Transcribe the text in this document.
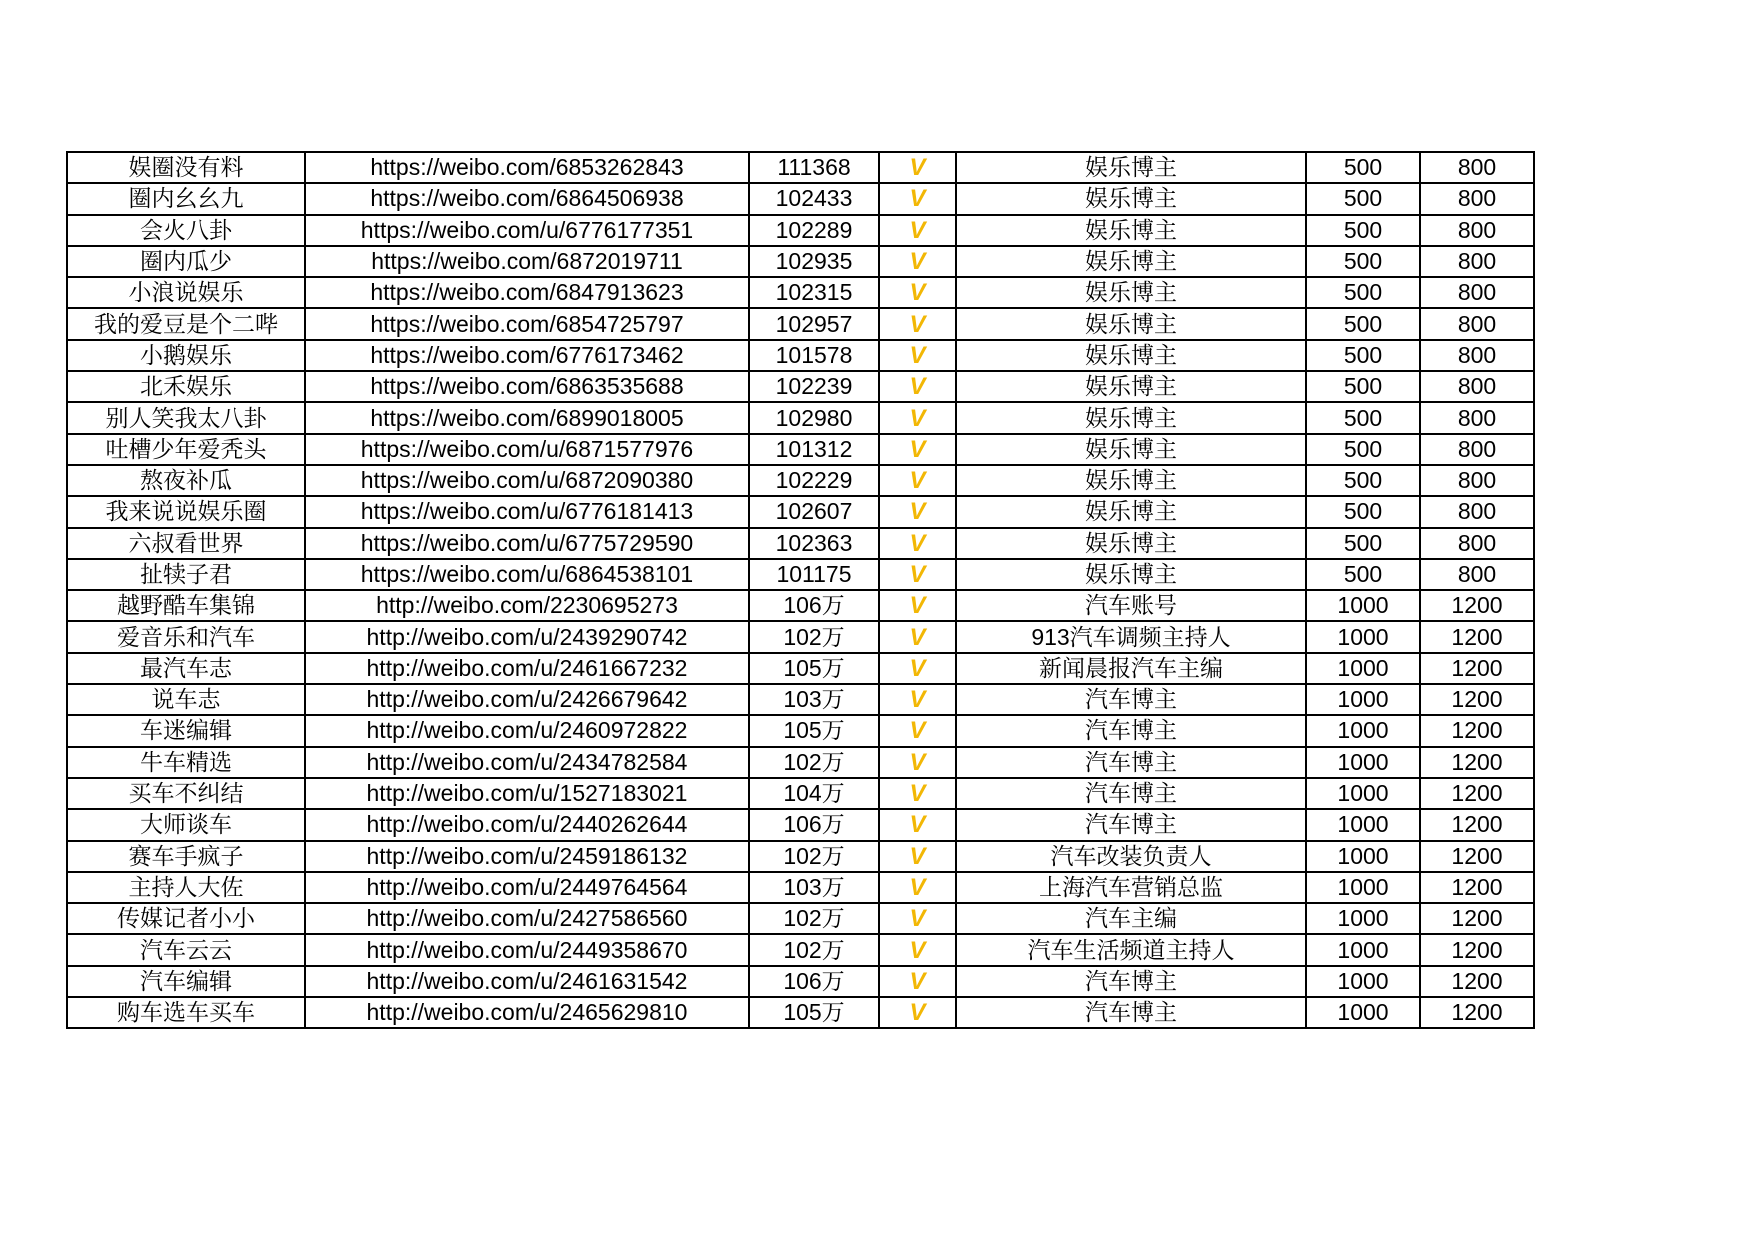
娱圈没有料	https://weibo.com/6853262843	111368	V	娱乐博主	500	800
圈内幺幺九	https://weibo.com/6864506938	102433	V	娱乐博主	500	800
会火八卦	https://weibo.com/u/6776177351	102289	V	娱乐博主	500	800
圈内瓜少	https://weibo.com/6872019711	102935	V	娱乐博主	500	800
小浪说娱乐	https://weibo.com/6847913623	102315	V	娱乐博主	500	800
我的爱豆是个二哔	https://weibo.com/6854725797	102957	V	娱乐博主	500	800
小鹅娱乐	https://weibo.com/6776173462	101578	V	娱乐博主	500	800
北禾娱乐	https://weibo.com/6863535688	102239	V	娱乐博主	500	800
别人笑我太八卦	https://weibo.com/6899018005	102980	V	娱乐博主	500	800
吐槽少年爱秃头	https://weibo.com/u/6871577976	101312	V	娱乐博主	500	800
熬夜补瓜	https://weibo.com/u/6872090380	102229	V	娱乐博主	500	800
我来说说娱乐圈	https://weibo.com/u/6776181413	102607	V	娱乐博主	500	800
六叔看世界	https://weibo.com/u/6775729590	102363	V	娱乐博主	500	800
扯犊子君	https://weibo.com/u/6864538101	101175	V	娱乐博主	500	800
越野酷车集锦	http://weibo.com/2230695273	106万	V	汽车账号	1000	1200
爱音乐和汽车	http://weibo.com/u/2439290742	102万	V	913汽车调频主持人	1000	1200
最汽车志	http://weibo.com/u/2461667232	105万	V	新闻晨报汽车主编	1000	1200
说车志	http://weibo.com/u/2426679642	103万	V	汽车博主	1000	1200
车迷编辑	http://weibo.com/u/2460972822	105万	V	汽车博主	1000	1200
牛车精选	http://weibo.com/u/2434782584	102万	V	汽车博主	1000	1200
买车不纠结	http://weibo.com/u/1527183021	104万	V	汽车博主	1000	1200
大师谈车	http://weibo.com/u/2440262644	106万	V	汽车博主	1000	1200
赛车手疯子	http://weibo.com/u/2459186132	102万	V	汽车改装负责人	1000	1200
主持人大佐	http://weibo.com/u/2449764564	103万	V	上海汽车营销总监	1000	1200
传媒记者小小	http://weibo.com/u/2427586560	102万	V	汽车主编	1000	1200
汽车云云	http://weibo.com/u/2449358670	102万	V	汽车生活频道主持人	1000	1200
汽车编辑	http://weibo.com/u/2461631542	106万	V	汽车博主	1000	1200
购车选车买车	http://weibo.com/u/2465629810	105万	V	汽车博主	1000	1200
